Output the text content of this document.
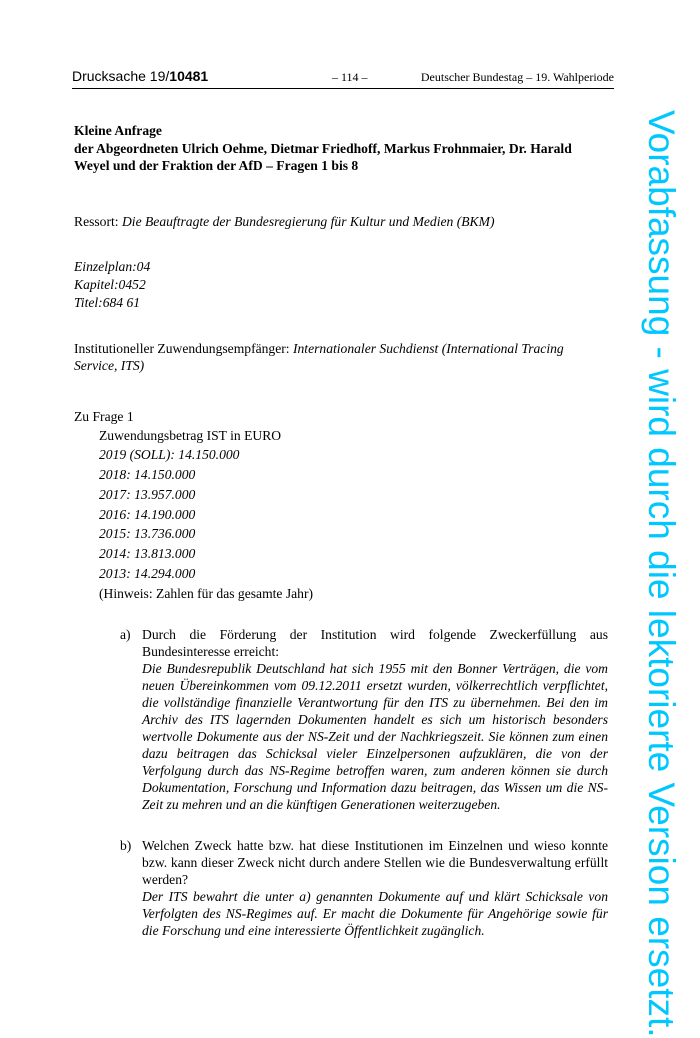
Drucksache 19/10481	– 114 –	Deutscher Bundestag – 19. Wahlperiode
Kleine Anfrage
der Abgeordneten Ulrich Oehme, Dietmar Friedhoff, Markus Frohnmaier, Dr. Harald
Weyel und der Fraktion der AfD – Fragen 1 bis 8
Ressort: Die Beauftragte der Bundesregierung für Kultur und Medien (BKM)
Einzelplan:04
Kapitel:0452
Titel:684 61
Institutioneller Zuwendungsempfänger: Internationaler Suchdienst (International Tracing
Service, ITS)
Zu Frage 1
Zuwendungsbetrag IST in EURO
2019 (SOLL): 14.150.000
2018: 14.150.000
2017: 13.957.000
2016: 14.190.000
2015: 13.736.000
2014: 13.813.000
2013: 14.294.000
(Hinweis: Zahlen für das gesamte Jahr)
a) Durch die Förderung der Institution wird folgende Zweckerfüllung aus Bundesinteresse erreicht:

Die Bundesrepublik Deutschland hat sich 1955 mit den Bonner Verträgen, die vom neuen Übereinkommen vom 09.12.2011 ersetzt wurden, völkerrechtlich verpflichtet, die vollständige finanzielle Verantwortung für den ITS zu übernehmen. Bei den im Archiv des ITS lagernden Dokumenten handelt es sich um historisch besonders wertvolle Dokumente aus der NS-Zeit und der Nachkriegszeit. Sie können zum einen dazu beitragen das Schicksal vieler Einzelpersonen aufzuklären, die von der Verfolgung durch das NS-Regime betroffen waren, zum anderen können sie durch Dokumentation, Forschung und Information dazu beitragen, das Wissen um die NS-Zeit zu mehren und an die künftigen Generationen weiterzugeben.

b) Welchen Zweck hatte bzw. hat diese Institutionen im Einzelnen und wieso konnte bzw. kann dieser Zweck nicht durch andere Stellen wie die Bundesverwaltung erfüllt werden?

Der ITS bewahrt die unter a) genannten Dokumente auf und klärt Schicksale von Verfolgten des NS-Regimes auf. Er macht die Dokumente für Angehörige sowie für die Forschung und eine interessierte Öffentlichkeit zugänglich.	Vorabfassung - wird durch die lektorierte Version ersetzt.
